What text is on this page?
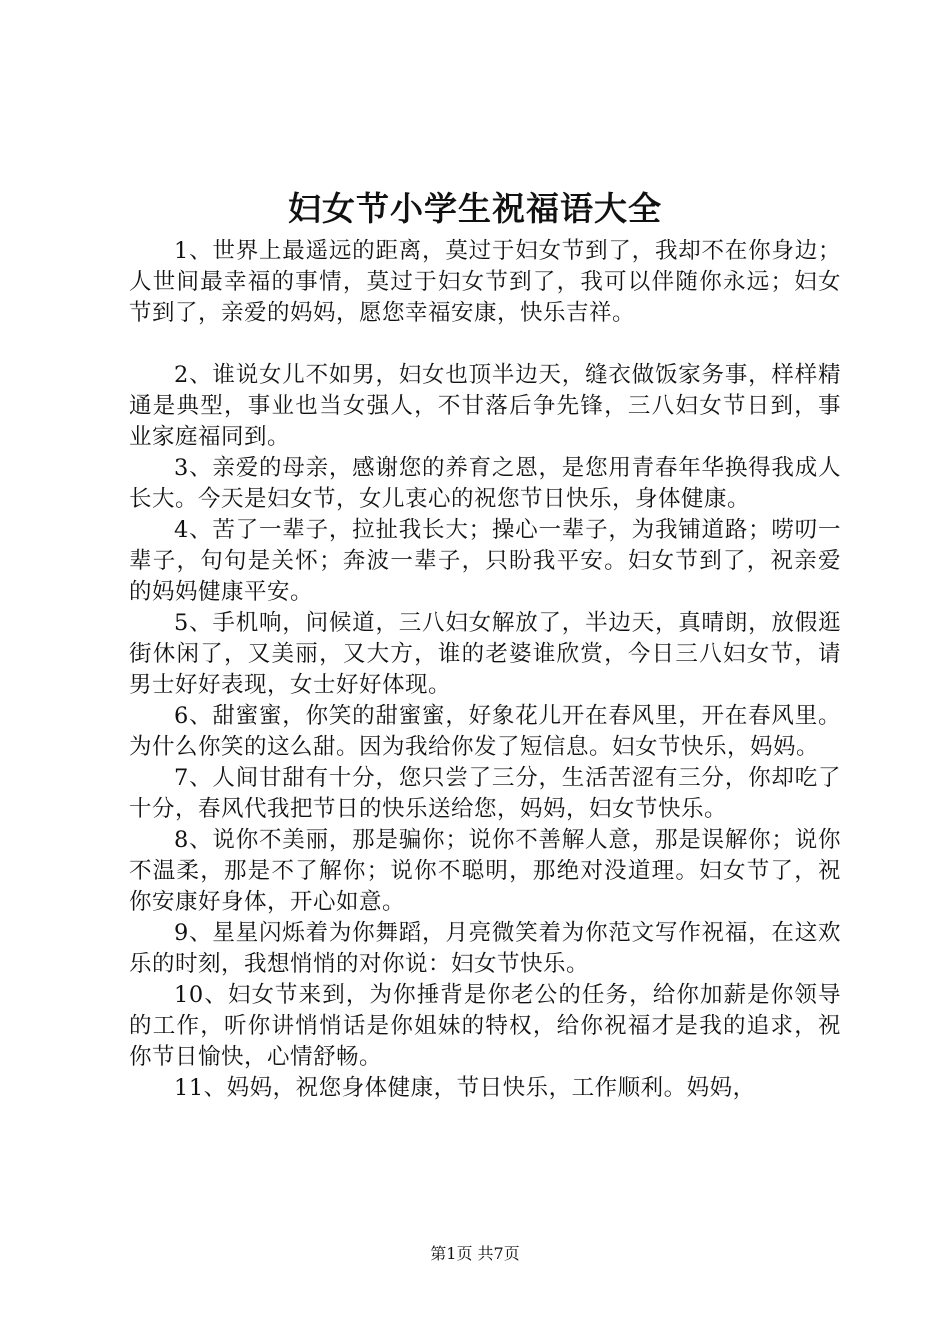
妇女节小学生祝福语大全

1、世界上最遥远的距离，莫过于妇女节到了，我却不在你身边；人世间最幸福的事情，莫过于妇女节到了，我可以伴随你永远；妇女节到了，亲爱的妈妈，愿您幸福安康，快乐吉祥。

2、谁说女儿不如男，妇女也顶半边天，缝衣做饭家务事，样样精通是典型，事业也当女强人，不甘落后争先锋，三八妇女节日到，事业家庭福同到。

3、亲爱的母亲，感谢您的养育之恩，是您用青春年华换得我成人长大。今天是妇女节，女儿衷心的祝您节日快乐，身体健康。

4、苦了一辈子，拉扯我长大；操心一辈子，为我铺道路；唠叨一辈子，句句是关怀；奔波一辈子，只盼我平安。妇女节到了，祝亲爱的妈妈健康平安。

5、手机响，问候道，三八妇女解放了，半边天，真晴朗，放假逛街休闲了，又美丽，又大方，谁的老婆谁欣赏，今日三八妇女节，请男士好好表现，女士好好体现。

6、甜蜜蜜，你笑的甜蜜蜜，好象花儿开在春风里，开在春风里。为什么你笑的这么甜。因为我给你发了短信息。妇女节快乐，妈妈。

7、人间甘甜有十分，您只尝了三分，生活苦涩有三分，你却吃了十分，春风代我把节日的快乐送给您，妈妈，妇女节快乐。

8、说你不美丽，那是骗你；说你不善解人意，那是误解你；说你不温柔，那是不了解你；说你不聪明，那绝对没道理。妇女节了，祝你安康好身体，开心如意。

9、星星闪烁着为你舞蹈，月亮微笑着为你范文写作祝福，在这欢乐的时刻，我想悄悄的对你说：妇女节快乐。

10、妇女节来到，为你捶背是你老公的任务，给你加薪是你领导的工作，听你讲悄悄话是你姐妹的特权，给你祝福才是我的追求，祝你节日愉快，心情舒畅。

11、妈妈，祝您身体健康，节日快乐，工作顺利。妈妈，

第1页 共7页
